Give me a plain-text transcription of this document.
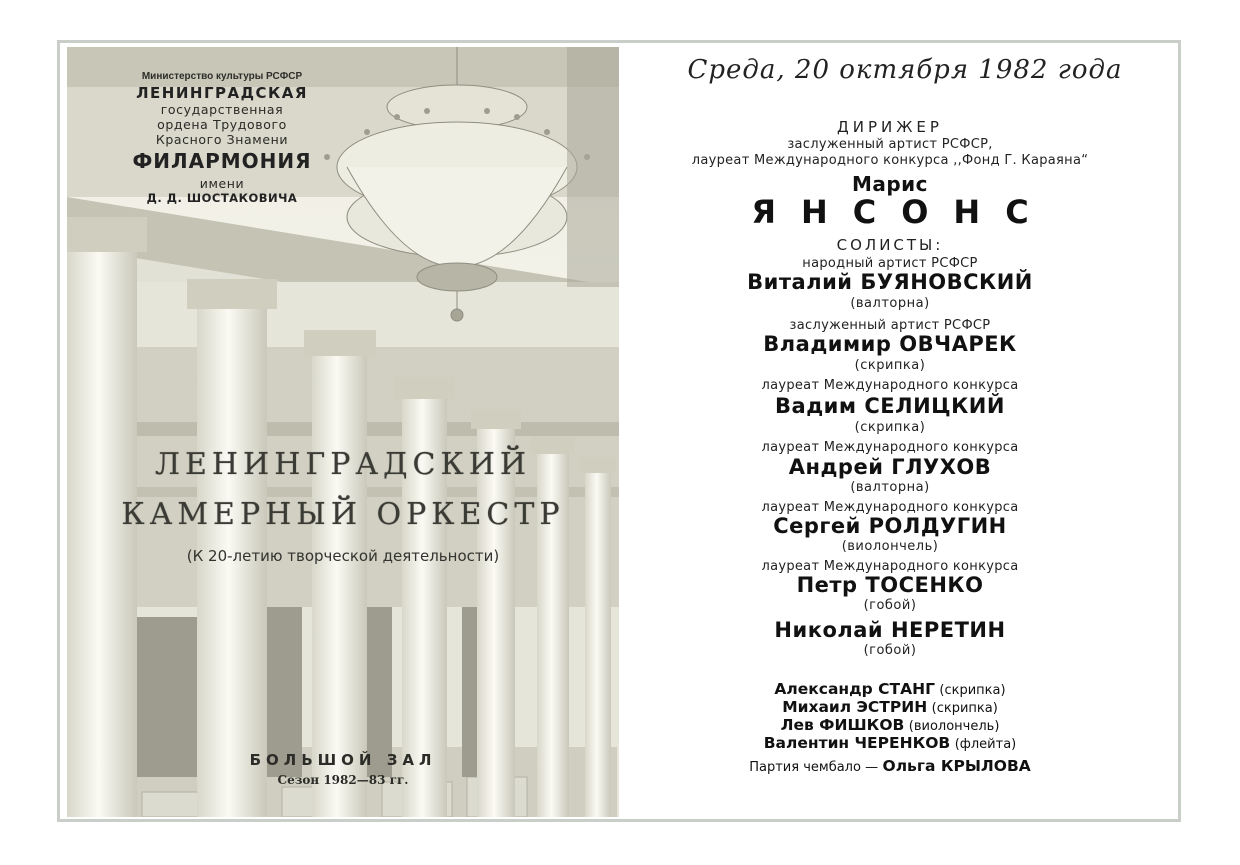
Министерство культуры РСФСР
ЛЕНИНГРАДСКАЯ
государственная
ордена Трудового
Красного Знамени
ФИЛАРМОНИЯ
имени
Д. Д. ШОСТАКОВИЧА
ЛЕНИНГРАДСКИЙ
КАМЕРНЫЙ ОРКЕСТР
(К 20-летию творческой деятельности)
БОЛЬШОЙ ЗАЛ
Сезон 1982—83 гг.
Среда, 20 октября 1982 года
ДИРИЖЕР
заслуженный артист РСФСР,
лауреат Международного конкурса ,,Фонд Г. Караяна“
Марис
ЯНСОНС
СОЛИСТЫ:
народный артист РСФСР
Виталий БУЯНОВСКИЙ
(валторна)
заслуженный артист РСФСР
Владимир ОВЧАРЕК
(скрипка)
лауреат Международного конкурса
Вадим СЕЛИЦКИЙ
(скрипка)
лауреат Международного конкурса
Андрей ГЛУХОВ
(валторна)
лауреат Международного конкурса
Сергей РОЛДУГИН
(виолончель)
лауреат Международного конкурса
Петр ТОСЕНКО
(гобой)
Николай НЕРЕТИН
(гобой)
Александр СТАНГ (скрипка)
Михаил ЭСТРИН (скрипка)
Лев ФИШКОВ (виолончель)
Валентин ЧЕРЕНКОВ (флейта)
Партия чембало — Ольга КРЫЛОВА
